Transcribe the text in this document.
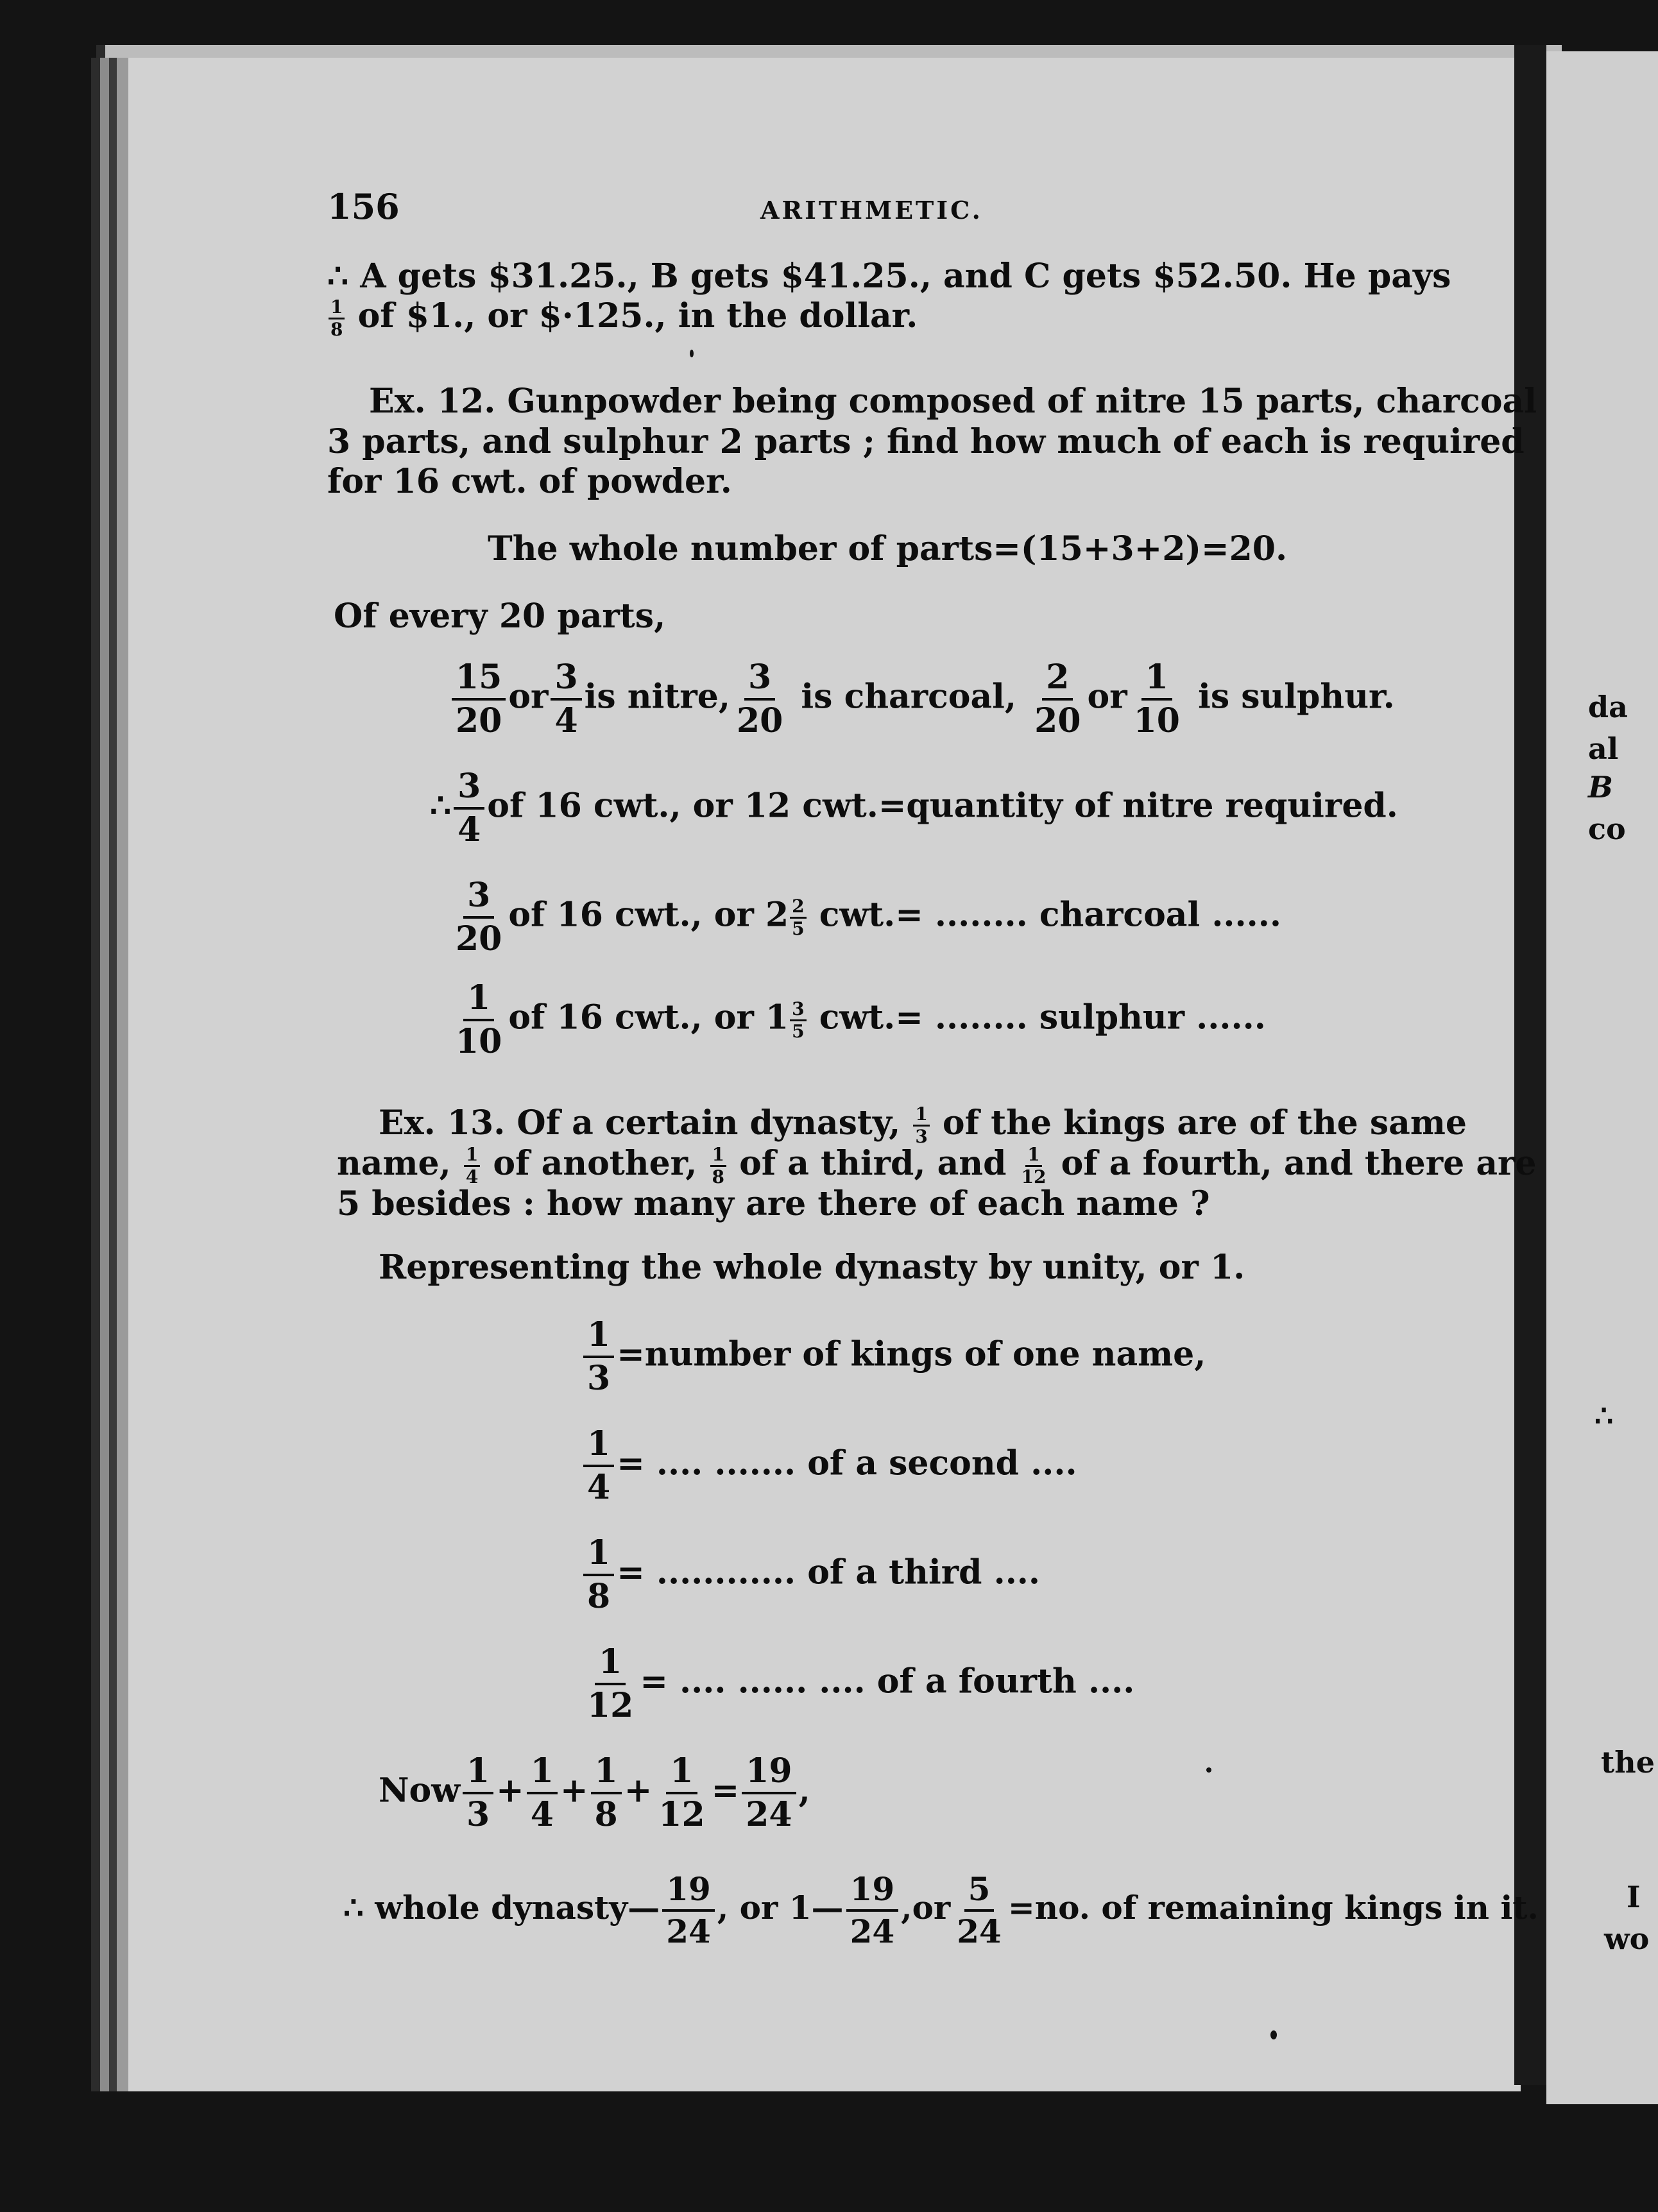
da
al
B
co
∴
the
I
wo
156	ARITHMETIC.
∴ A gets $31.25., B gets $41.25., and C gets $52.50. He pays
$\frac{1}{8}$ of $1., or $·125., in the dollar.
Ex. 12. Gunpowder being composed of nitre 15 parts, charcoal
3 parts, and sulphur 2 parts ; find how much of each is required
for 16 cwt. of powder.
The whole number of parts=(15+3+2)=20.
Of every 20 parts,
$\frac{15}{20}$ or $\frac{3}{4}$ is nitre, $\frac{3}{20}$ is charcoal, $\frac{2}{20}$ or $\frac{1}{10}$ is sulphur.
∴ $\frac{3}{4}$ of 16 cwt., or 12 cwt.=quantity of nitre required.
$\frac{3}{20}$ of 16 cwt., or $2 \frac{2}{5} cwt.=$ ........ charcoal ......
$\frac{1}{10}$ of 16 cwt., or $1 \frac{3}{5} cwt.=$ ........ sulphur ......
Ex. 13. Of a certain dynasty, $\frac{1}{3}$ of the kings are of the same
name, $\frac{1}{4}$ of another, $\frac{1}{8}$ of a third, and $\frac{1}{12}$ of a fourth, and there are
5 besides : how many are there of each name ?
Representing the whole dynasty by unity, or 1.
$\frac{1}{3}$ =number of kings of one name,
$\frac{1}{4}$ = .... ....... of a second ....
$\frac{1}{8}$ = ............ of a third ....
$\frac{1}{12}$ = .... ...... .... of a fourth ....
Now $\frac{1}{3} + \frac{1}{4} + \frac{1}{8} + \frac{1}{12} = \frac{19}{24}$ ,
∴ whole dynasty— $\frac{19}{24}$ , or 1— $\frac{19}{24} ,or \frac{5}{24} =no$. of remaining kings in it.
